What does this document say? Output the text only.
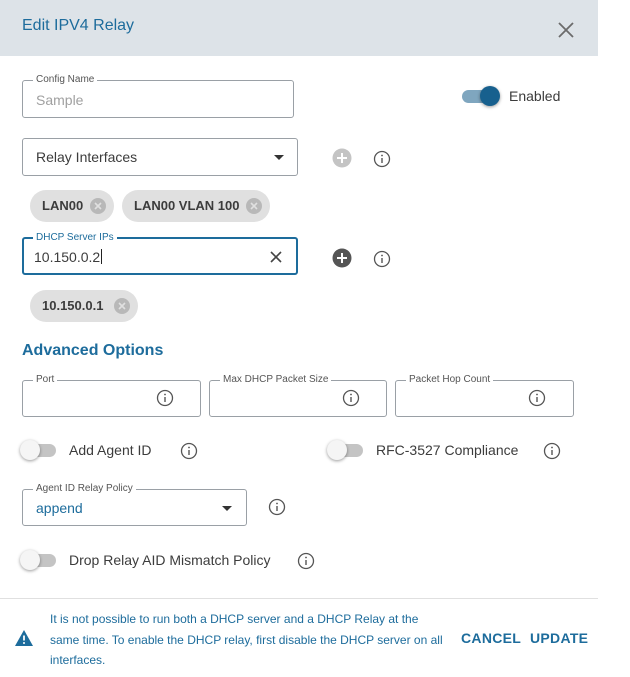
Edit IPV4 Relay
Config Name
Sample	Enabled
Relay Interfaces
LAN00	LAN00 VLAN 100
DHCP Server IPs
10.150.0.2
10.150.0.1
Advanced Options
Port	Max DHCP Packet Size	Packet Hop Count
Add Agent ID	RFC-3527 Compliance
Agent ID Relay Policy
append
Drop Relay AID Mismatch Policy
It is not possible to run both a DHCP server and a DHCP Relay at the same time. To enable the DHCP relay, first disable the DHCP server on all interfaces.
CANCEL UPDATE
